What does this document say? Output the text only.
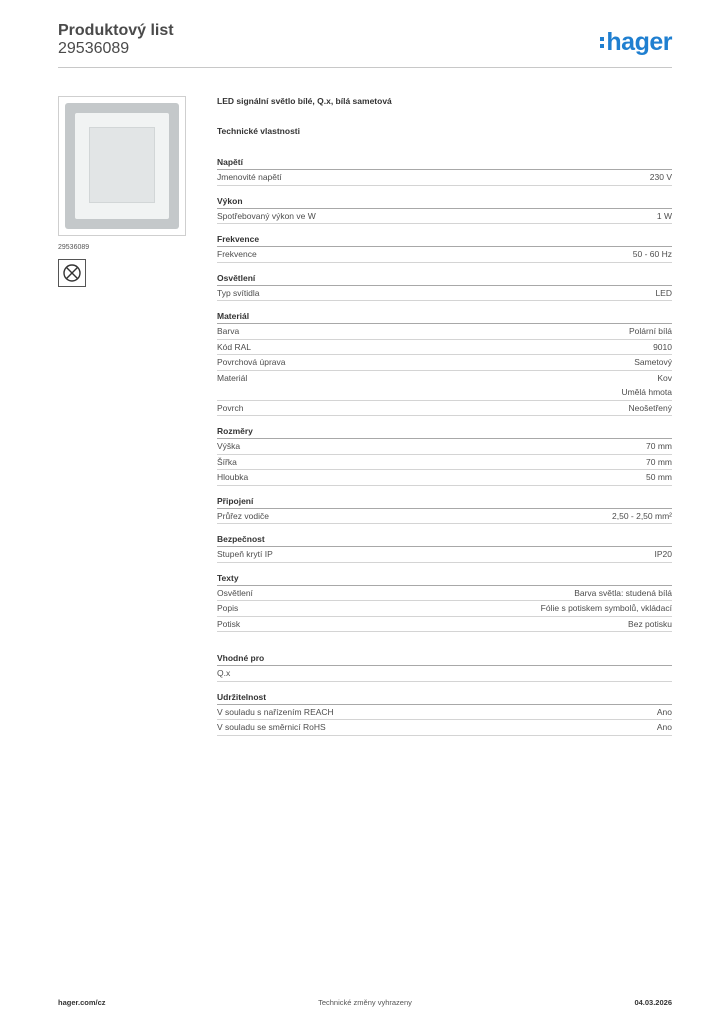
Produktový list
29536089	hager
29536089
LED signální světlo bílé, Q.x, bílá sametová
Technické vlastnosti
Napětí
Jmenovité napětí	230 V
Výkon
Spotřebovaný výkon ve W	1 W
Frekvence
Frekvence	50 - 60 Hz
Osvětlení
Typ svítidla	LED
Materiál
Barva	Polární bílá
Kód RAL	9010
Povrchová úprava	Sametový
Materiál	Kov
Umělá hmota
Povrch	Neošetřený
Rozměry
Výška	70 mm
Šířka	70 mm
Hloubka	50 mm
Připojení
Průřez vodiče	2,50 - 2,50 mm²
Bezpečnost
Stupeň krytí IP	IP20
Texty
Osvětlení	Barva světla: studená bílá
Popis	Fólie s potiskem symbolů, vkládací
Potisk	Bez potisku
Vhodné pro
Q.x
Udržitelnost
V souladu s nařízením REACH	Ano
V souladu se směrnicí RoHS	Ano
hager.com/cz	Technické změny vyhrazeny	04.03.2026
